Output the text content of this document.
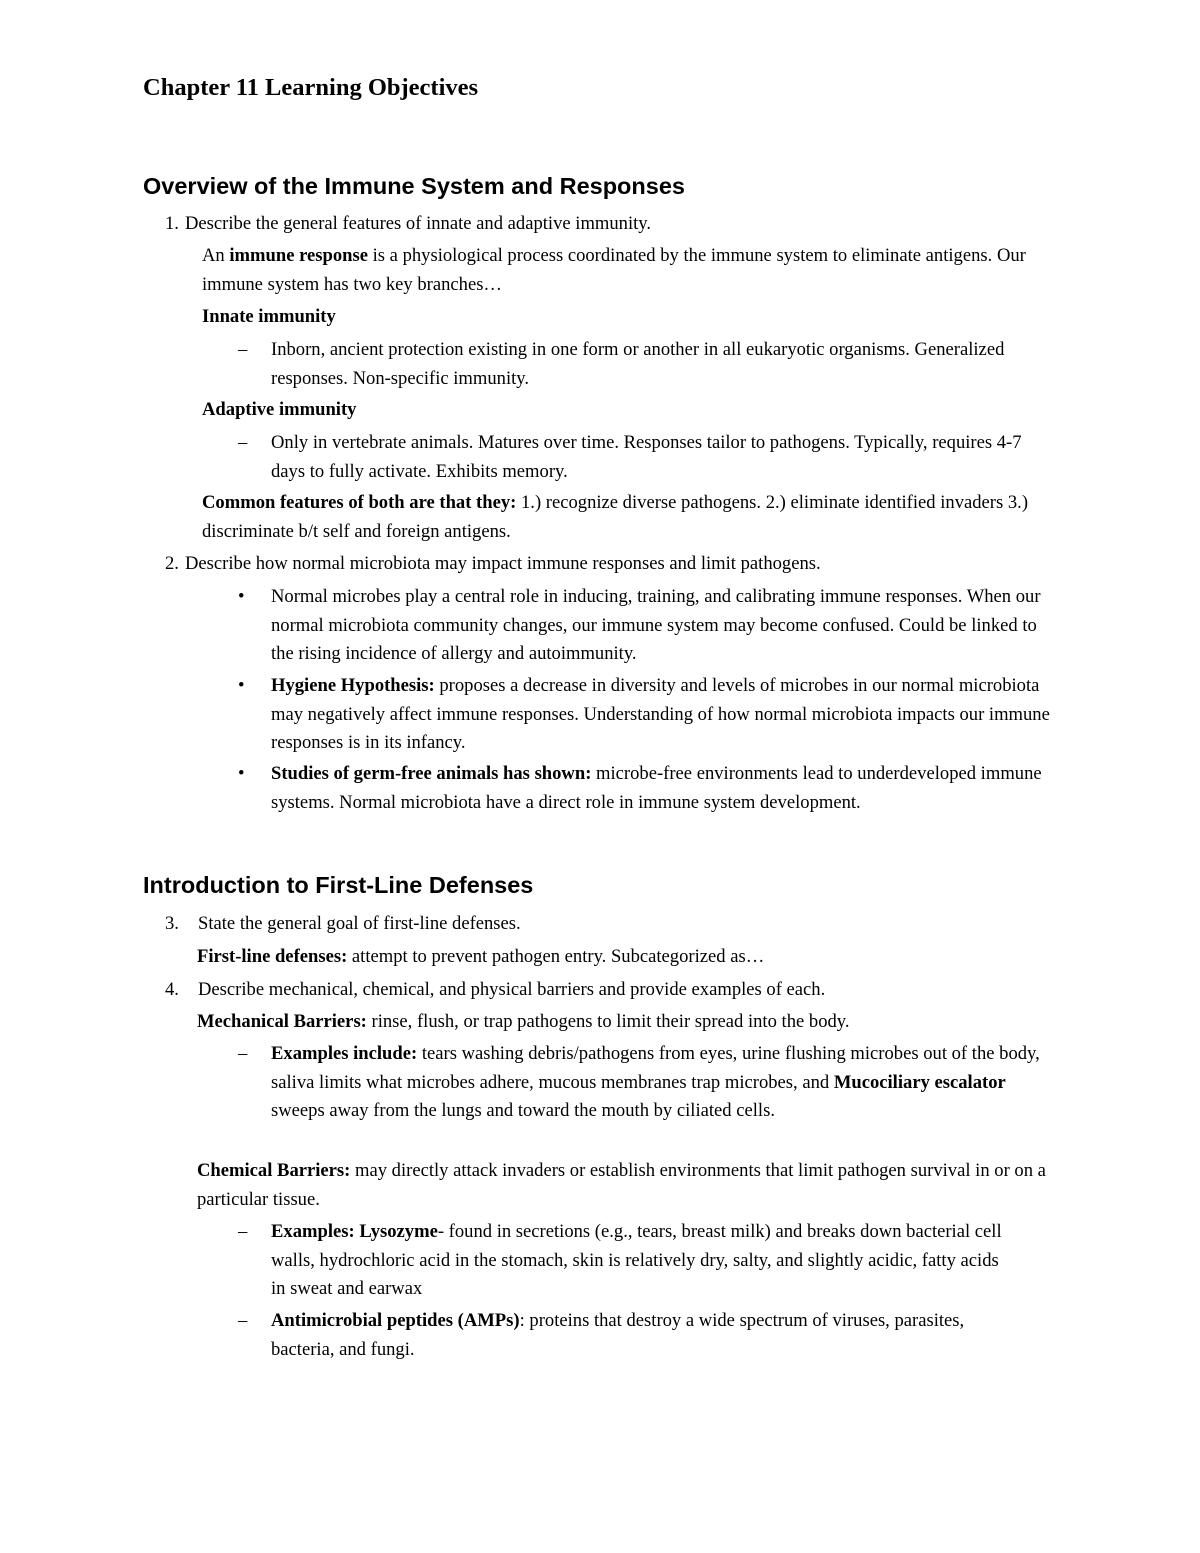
Chapter 11 Learning Objectives
Overview of the Immune System and Responses
1. Describe the general features of innate and adaptive immunity.
An immune response is a physiological process coordinated by the immune system to eliminate antigens. Our immune system has two key branches…
Innate immunity
– Inborn, ancient protection existing in one form or another in all eukaryotic organisms. Generalized responses. Non-specific immunity.
Adaptive immunity
– Only in vertebrate animals. Matures over time. Responses tailor to pathogens. Typically, requires 4-7 days to fully activate. Exhibits memory.
Common features of both are that they: 1.) recognize diverse pathogens. 2.) eliminate identified invaders 3.) discriminate b/t self and foreign antigens.
2. Describe how normal microbiota may impact immune responses and limit pathogens.
• Normal microbes play a central role in inducing, training, and calibrating immune responses. When our normal microbiota community changes, our immune system may become confused. Could be linked to the rising incidence of allergy and autoimmunity.
• Hygiene Hypothesis: proposes a decrease in diversity and levels of microbes in our normal microbiota may negatively affect immune responses. Understanding of how normal microbiota impacts our immune responses is in its infancy.
• Studies of germ-free animals has shown: microbe-free environments lead to underdeveloped immune systems. Normal microbiota have a direct role in immune system development.
Introduction to First-Line Defenses
3. State the general goal of first-line defenses.
First-line defenses: attempt to prevent pathogen entry. Subcategorized as…
4. Describe mechanical, chemical, and physical barriers and provide examples of each.
Mechanical Barriers: rinse, flush, or trap pathogens to limit their spread into the body.
– Examples include: tears washing debris/pathogens from eyes, urine flushing microbes out of the body, saliva limits what microbes adhere, mucous membranes trap microbes, and Mucociliary escalator sweeps away from the lungs and toward the mouth by ciliated cells.
Chemical Barriers: may directly attack invaders or establish environments that limit pathogen survival in or on a particular tissue.
– Examples: Lysozyme- found in secretions (e.g., tears, breast milk) and breaks down bacterial cell walls, hydrochloric acid in the stomach, skin is relatively dry, salty, and slightly acidic, fatty acids in sweat and earwax
– Antimicrobial peptides (AMPs): proteins that destroy a wide spectrum of viruses, parasites, bacteria, and fungi.
